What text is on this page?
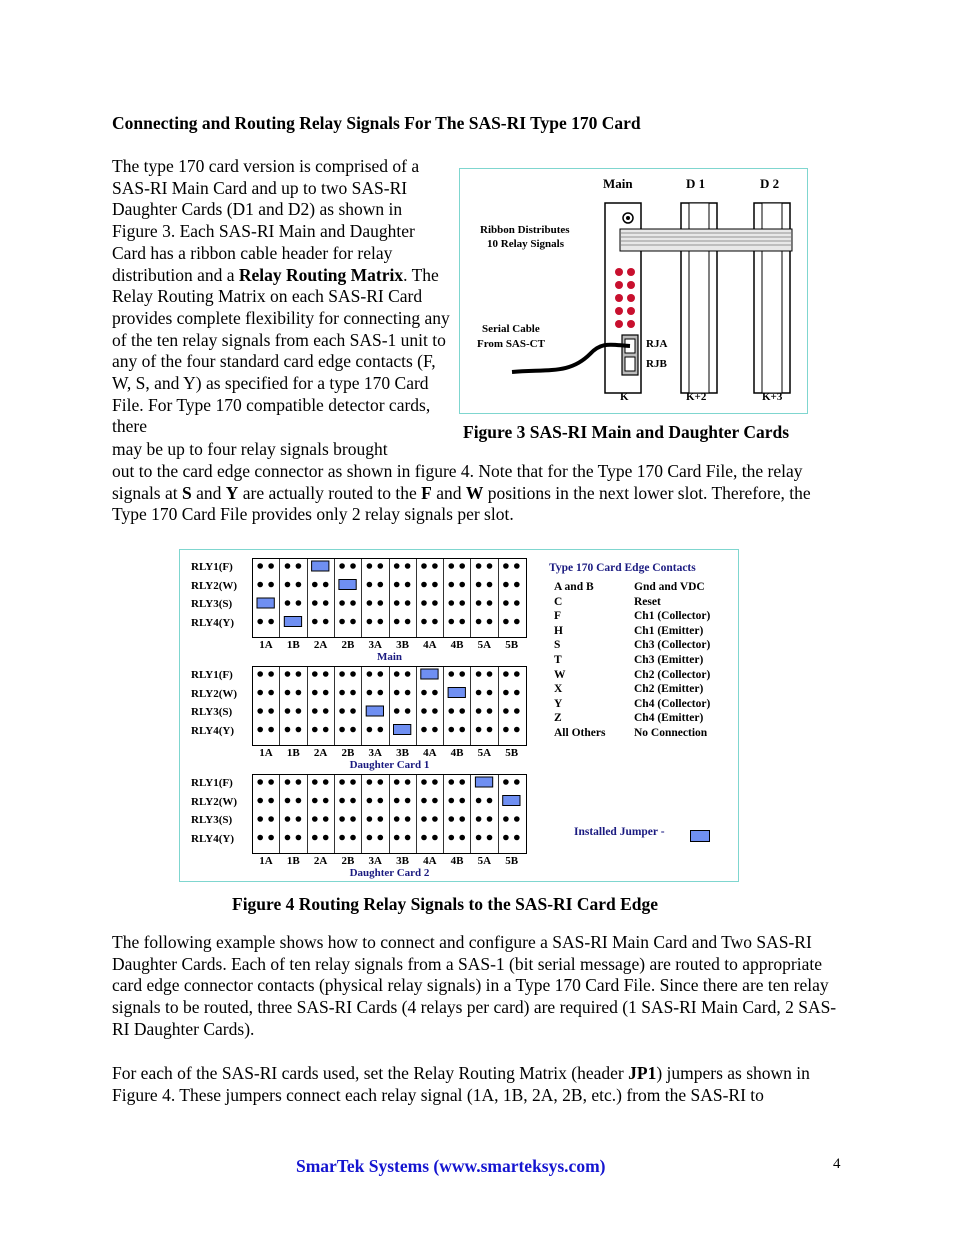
Connecting and Routing Relay Signals For The SAS-RI Type 170 Card
The type 170 card version is comprised of a SAS-RI Main Card and up to two SAS-RI Daughter Cards (D1 and D2) as shown in Figure 3. Each SAS-RI Main and Daughter Card has a ribbon cable header for relay distribution and a Relay Routing Matrix. The Relay Routing Matrix on each SAS-RI Card provides complete flexibility for connecting any of the ten relay signals from each SAS-1 unit to any of the four standard card edge contacts (F, W, S, and Y) as specified for a type 170 Card File. For Type 170 compatible detector cards, there
may be up to four relay signals brought
out to the card edge connector as shown in figure 4. Note that for the Type 170 Card File, the relay signals at S and Y are actually routed to the F and W positions in the next lower slot. Therefore, the Type 170 Card File provides only 2 relay signals per slot.
Main	D 1	D 2
Ribbon Distributes
10 Relay Signals
Serial Cable
From SAS-CT	RJA
RJB
K	K+2	K+3
Figure 3 SAS-RI Main and Daughter Cards
RLY1(F)
RLY2(W)
RLY3(S)
RLY4(Y)
1A	1B	2A	2B	3A	3B	4A	4B	5A	5B
Main
RLY1(F)
RLY2(W)
RLY3(S)
RLY4(Y)
1A	1B	2A	2B	3A	3B	4A	4B	5A	5B
Daughter Card 1
RLY1(F)
RLY2(W)
RLY3(S)
RLY4(Y)
1A	1B	2A	2B	3A	3B	4A	4B	5A	5B
Daughter Card 2
Type 170 Card Edge Contacts
A and B	Gnd and VDC
C	Reset
F	Ch1 (Collector)
H	Ch1 (Emitter)
S	Ch3 (Collector)
T	Ch3 (Emitter)
W	Ch2 (Collector)
X	Ch2 (Emitter)
Y	Ch4 (Collector)
Z	Ch4 (Emitter)
All Others	No Connection
Installed Jumper -
Figure 4 Routing Relay Signals to the SAS-RI Card Edge
The following example shows how to connect and configure a SAS-RI Main Card and Two SAS-RI Daughter Cards. Each of ten relay signals from a SAS-1 (bit serial message) are routed to appropriate card edge connector contacts (physical relay signals) in a Type 170 Card File. Since there are ten relay signals to be routed, three SAS-RI Cards (4 relays per card) are required (1 SAS-RI Main Card, 2 SAS-RI Daughter Cards).
For each of the SAS-RI cards used, set the Relay Routing Matrix (header JP1) jumpers as shown in Figure 4. These jumpers connect each relay signal (1A, 1B, 2A, 2B, etc.) from the SAS-RI to
SmarTek Systems (www.smarteksys.com)	4
